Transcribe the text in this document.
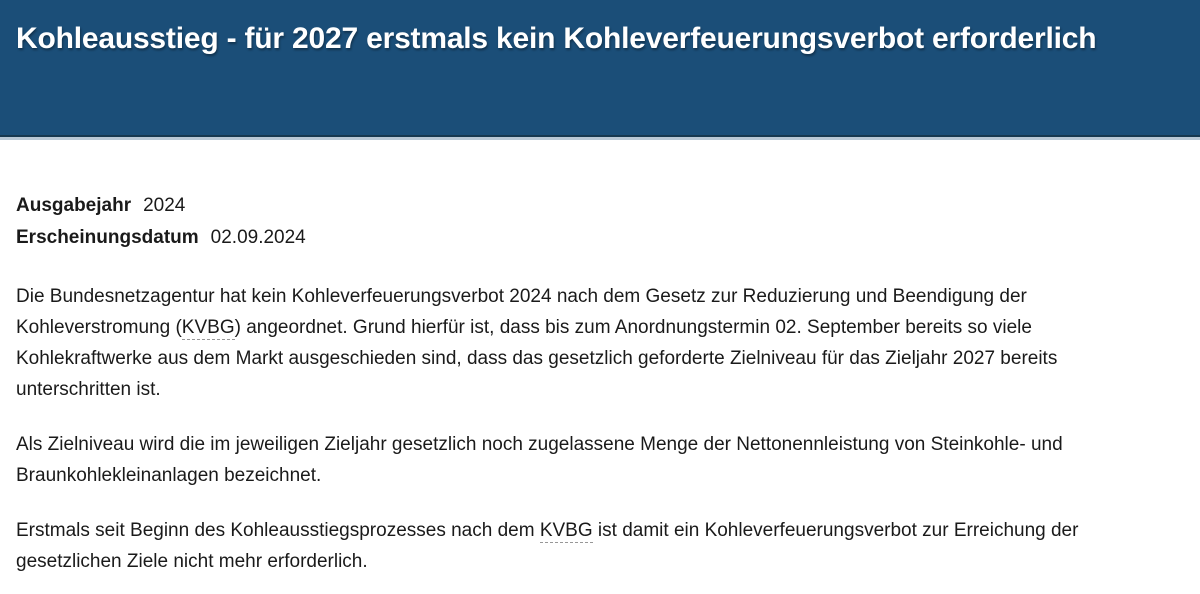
Kohleausstieg - für 2027 erstmals kein Kohleverfeuerungsverbot erforderlich
Ausgabejahr 2024
Erscheinungsdatum 02.09.2024

Die Bundesnetzagentur hat kein Kohleverfeuerungsverbot 2024 nach dem Gesetz zur Reduzierung und Beendigung der Kohleverstromung (KVBG) angeordnet. Grund hierfür ist, dass bis zum Anordnungstermin 02. September bereits so viele Kohlekraftwerke aus dem Markt ausgeschieden sind, dass das gesetzlich geforderte Zielniveau für das Zieljahr 2027 bereits unterschritten ist.

Als Zielniveau wird die im jeweiligen Zieljahr gesetzlich noch zugelassene Menge der Nettonennleistung von Steinkohle- und Braunkohlekleinanlagen bezeichnet.

Erstmals seit Beginn des Kohleausstiegsprozesses nach dem KVBG ist damit ein Kohleverfeuerungsverbot zur Erreichung der gesetzlichen Ziele nicht mehr erforderlich.
